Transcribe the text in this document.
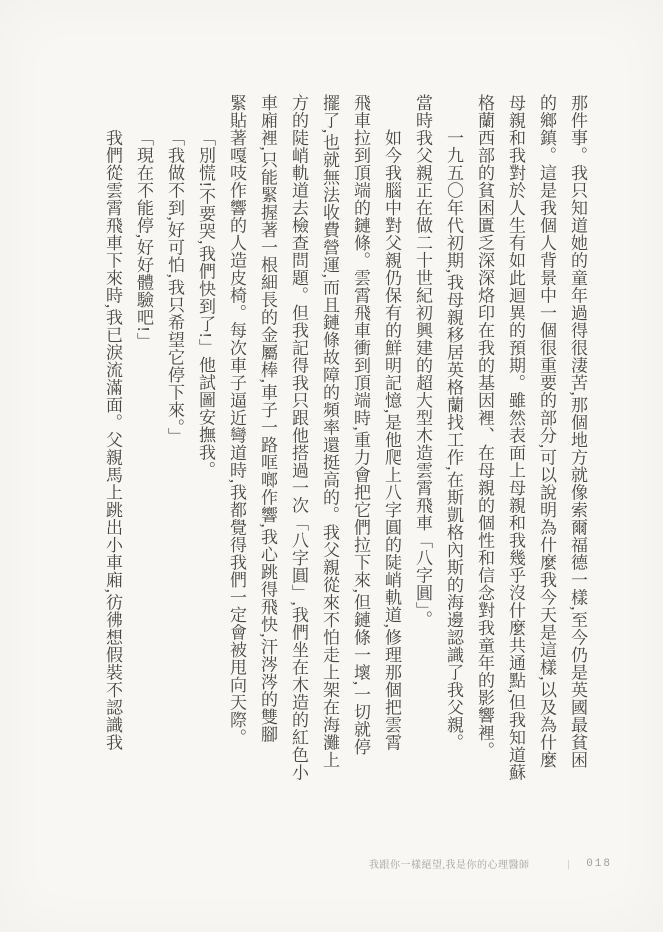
那件事。我只知道她的童年過得很淒苦,那個地方就像索爾福德一樣,至今仍是英國最貧困
的鄉鎮。這是我個人背景中一個很重要的部分,可以說明為什麼我今天是這樣,以及為什麼
母親和我對於人生有如此迴異的預期。雖然表面上母親和我幾乎沒什麼共通點,但我知道蘇
格蘭西部的貧困匱乏深深烙印在我的基因裡、在母親的個性和信念對我童年的影響裡。
一九五〇年代初期,我母親移居英格蘭找工作,在斯凱格內斯的海邊認識了我父親。
當時我父親正在做二十世紀初興建的超大型木造雲霄飛車「八字圓」。
如今我腦中對父親仍保有的鮮明記憶,是他爬上八字圓的陡峭軌道,修理那個把雲霄
飛車拉到頂端的鏈條。雲霄飛車衝到頂端時,重力會把它們拉下來,但鏈條一壞,一切就停
擺了,也就無法收費營運,而且鏈條故障的頻率還挺高的。我父親從來不怕走上架在海灘上
方的陡峭軌道去檢查問題。但我記得我只跟他搭過一次「八字圓」,我們坐在木造的紅色小
車廂裡,只能緊握著一根細長的金屬棒,車子一路哐啷作響,我心跳得飛快,汗涔涔的雙腳
緊貼著嘎吱作響的人造皮椅。每次車子逼近彎道時,我都覺得我們一定會被甩向天際。
「別慌!不要哭,我們快到了!」他試圖安撫我。
「我做不到,好可怕,我只希望它停下來。」
「現在不能停,好好體驗吧!」
我們從雲霄飛車下來時,我已淚流滿面。父親馬上跳出小車廂,彷彿想假裝不認識我
我跟你一樣絕望,我是你的心理醫師	| 018
